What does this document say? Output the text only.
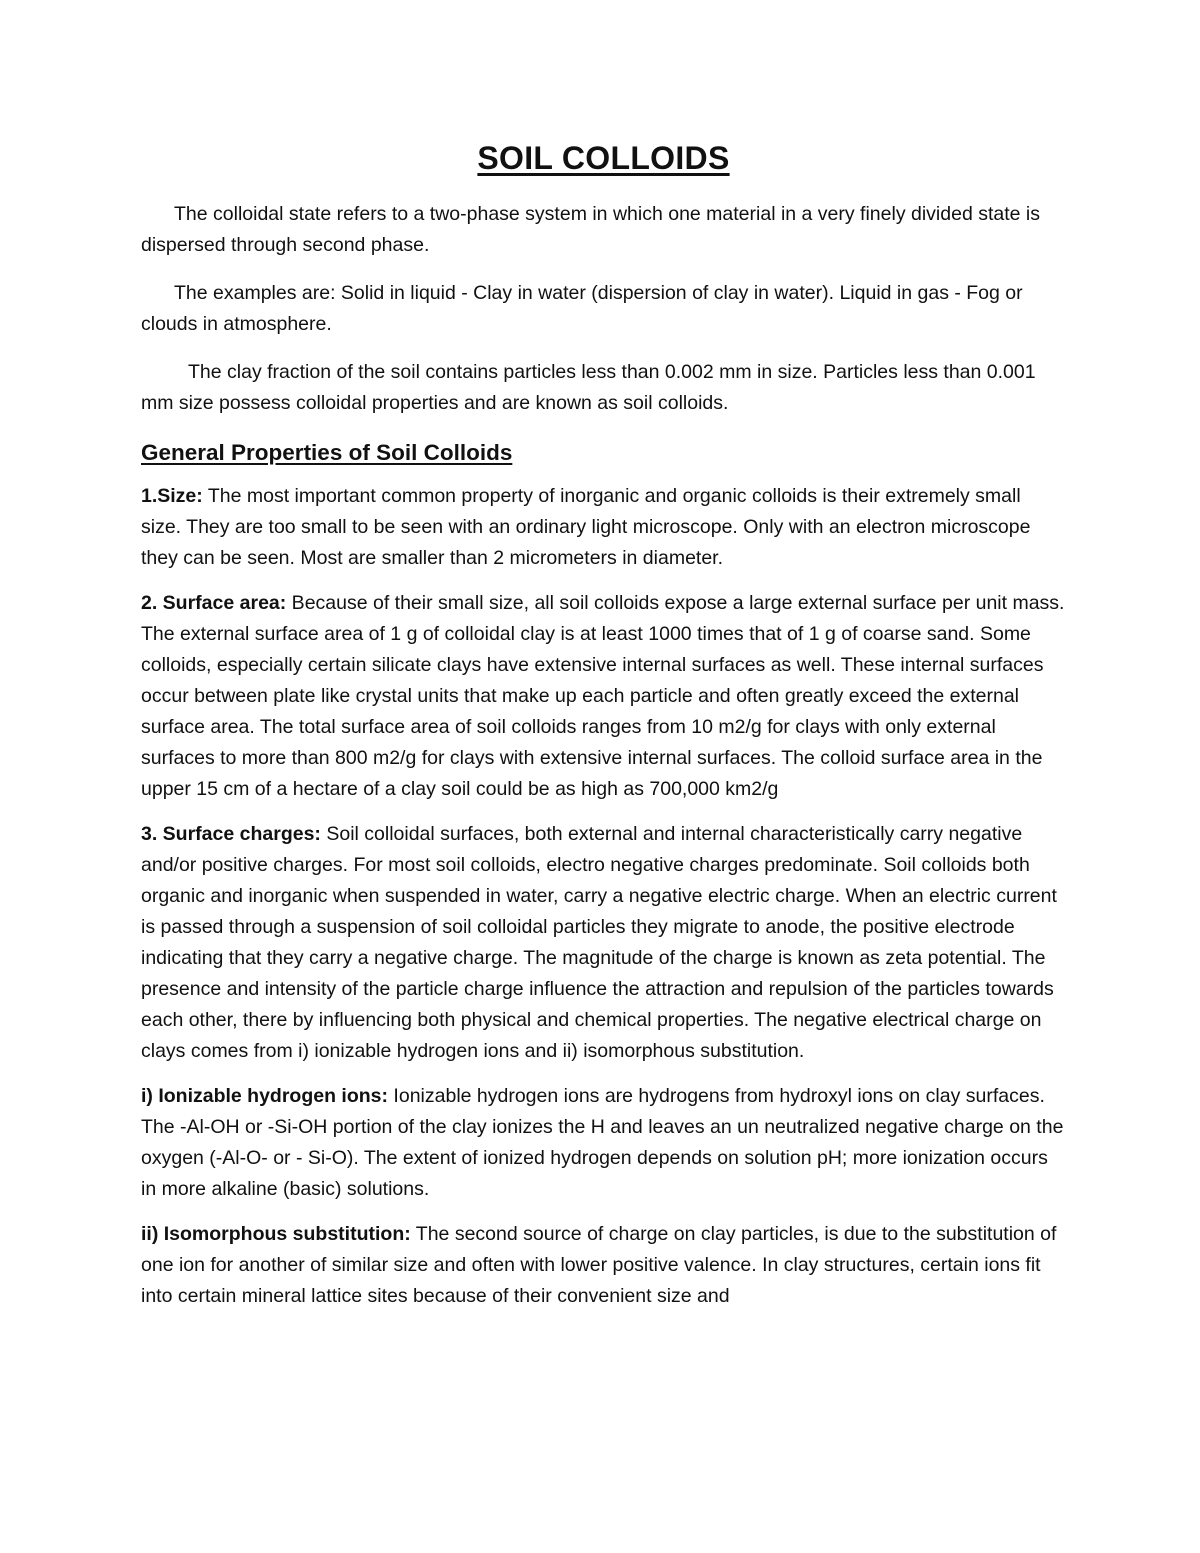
SOIL COLLOIDS

The colloidal state refers to a two-phase system in which one material in a very finely divided state is dispersed through second phase.

The examples are: Solid in liquid - Clay in water (dispersion of clay in water). Liquid in gas - Fog or clouds in atmosphere.

The clay fraction of the soil contains particles less than 0.002 mm in size. Particles less than 0.001 mm size possess colloidal properties and are known as soil colloids.

General Properties of Soil Colloids

1.Size: The most important common property of inorganic and organic colloids is their extremely small size. They are too small to be seen with an ordinary light microscope. Only with an electron microscope they can be seen. Most are smaller than 2 micrometers in diameter.

2. Surface area: Because of their small size, all soil colloids expose a large external surface per unit mass. The external surface area of 1 g of colloidal clay is at least 1000 times that of 1 g of coarse sand. Some colloids, especially certain silicate clays have extensive internal surfaces as well. These internal surfaces occur between plate like crystal units that make up each particle and often greatly exceed the external surface area. The total surface area of soil colloids ranges from 10 m2/g for clays with only external

surfaces to more than 800 m2/g for clays with extensive internal surfaces. The colloid surface area in the upper 15 cm of a hectare of a clay soil could be as high as 700,000 km2/g

3. Surface charges: Soil colloidal surfaces, both external and internal characteristically carry negative and/or positive charges. For most soil colloids, electro negative charges predominate. Soil colloids both organic and inorganic when suspended in water, carry a negative electric charge. When an electric current is passed through a suspension of soil colloidal particles they migrate to anode, the positive electrode indicating that they carry a negative charge. The magnitude of the charge is known as zeta potential. The presence and intensity of the particle charge influence the attraction and repulsion of the particles towards each other, there by influencing both physical and chemical properties. The negative electrical charge on clays comes from i) ionizable hydrogen ions and ii) isomorphous substitution.

i) Ionizable hydrogen ions: Ionizable hydrogen ions are hydrogens from hydroxyl ions on clay surfaces. The -Al-OH or -Si-OH portion of the clay ionizes the H and leaves an un neutralized negative charge on the oxygen (-Al-O- or - Si-O). The extent of ionized hydrogen depends on solution pH; more ionization occurs in more alkaline (basic) solutions.

ii) Isomorphous substitution: The second source of charge on clay particles, is due to the substitution of one ion for another of similar size and often with lower positive valence. In clay structures, certain ions fit into certain mineral lattice sites because of their convenient size and
